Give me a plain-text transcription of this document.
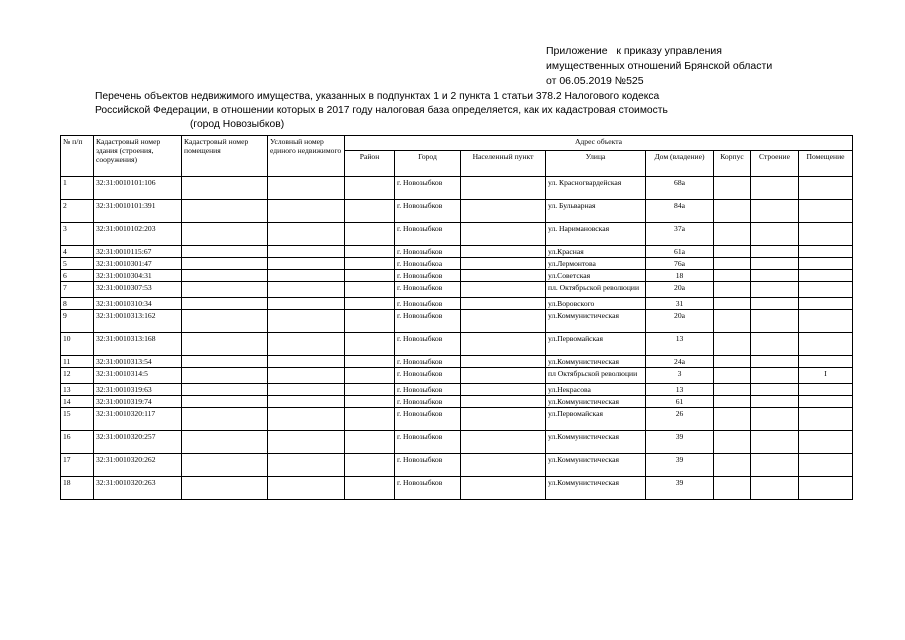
Приложение   к приказу управления
имущественных отношений Брянской области
от 06.05.2019 №525
Перечень объектов недвижимого имущества, указанных в подпунктах 1 и 2 пункта 1 статьи 378.2 Налогового кодекса
Российской Федерации, в отношении которых в 2017 году налоговая база определяется, как их кадастровая стоимость
(город Новозыбков)
№ п/п	Кадастровый номер здания (строения, сооружения)	Кадастровый номер помещения	Условный номер единого недвижимого	Адрес объекта							
				Район	Город	Населенный пункт	Улица	Дом (владение)	Корпус	Строение	Помещение
1	32:31:0010101:106				г. Новозыбков		ул. Красногвардейская	68а			
2	32:31:0010101:391				г. Новозыбков		ул. Бульварная	84а			
3	32:31:0010102:203				г. Новозыбков		ул. Наримановская	37а			
4	32:31:0010115:67				г. Новозыбков		ул.Красная	61а			
5	32:31:0010301:47				г. Новозыбкоа		ул.Лермонтова	76а			
6	32:31:0010304:31				г. Новозыбков		ул.Советская	18			
7	32:31:0010307:53				г. Новозыбков		пл. Октябрьской революции	20а			
8	32:31:0010310:34				г. Новозыбков		ул.Воровского	31			
9	32:31:0010313:162				г. Новозыбков		ул.Коммунистическая	20а			
10	32:31:0010313:168				г. Новозыбков		ул.Первомайская	13			
11	32:31:0010313:54				г. Новозыбков		ул.Коммунистическая	24а			
12	32:31:0010314:5				г. Новозыбков		пл Октябрьской революции	3			I
13	32:31:0010319:63				г. Новозыбков		ул.Некрасова	13			
14	32:31:0010319:74				г. Новозыбков		ул.Коммунистическая	61			
15	32:31:0010320:117				г. Новозыбков		ул.Первомайская	26			
16	32:31:0010320:257				г. Новозыбков		ул.Коммунистическая	39			
17	32:31:0010320:262				г. Новозыбков		ул.Коммунистическая	39			
18	32:31:0010320:263				г. Новозыбков		ул.Коммунистическая	39			
